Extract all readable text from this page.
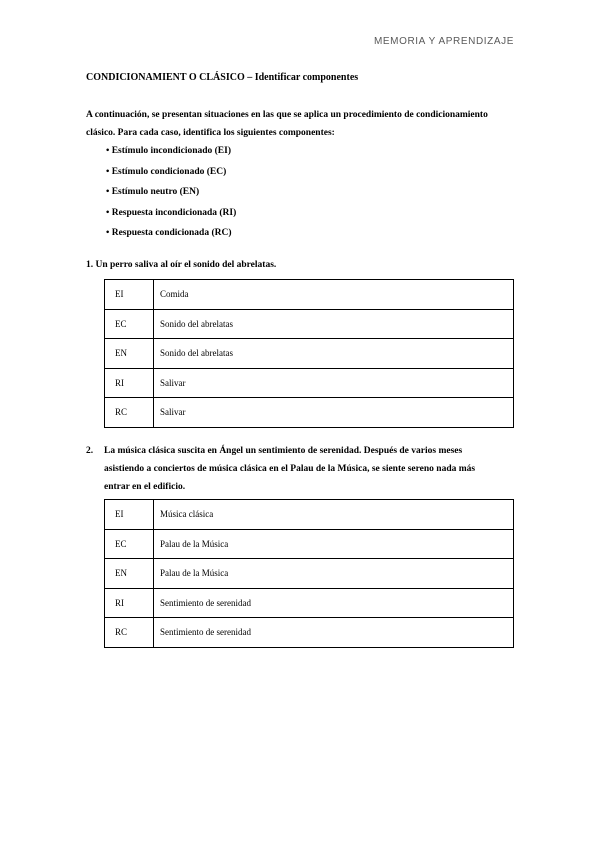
MEMORIA Y APRENDIZAJE
CONDICIONAMIENT O CLÁSICO – Identificar componentes
A continuación, se presentan situaciones en las que se aplica un procedimiento de condicionamiento clásico. Para cada caso, identifica los siguientes componentes:
• Estímulo incondicionado (EI)
• Estímulo condicionado (EC)
• Estímulo neutro (EN)
• Respuesta incondicionada (RI)
• Respuesta condicionada (RC)
1. Un perro saliva al oír el sonido del abrelatas.
EI	Comida
EC	Sonido del abrelatas
EN	Sonido del abrelatas
RI	Salivar
RC	Salivar
2. La música clásica suscita en Ángel un sentimiento de serenidad. Después de varios meses
asistiendo a conciertos de música clásica en el Palau de la Música, se siente sereno nada más
entrar en el edificio.
EI	Música clásica
EC	Palau de la Música
EN	Palau de la Música
RI	Sentimiento de serenidad
RC	Sentimiento de serenidad
